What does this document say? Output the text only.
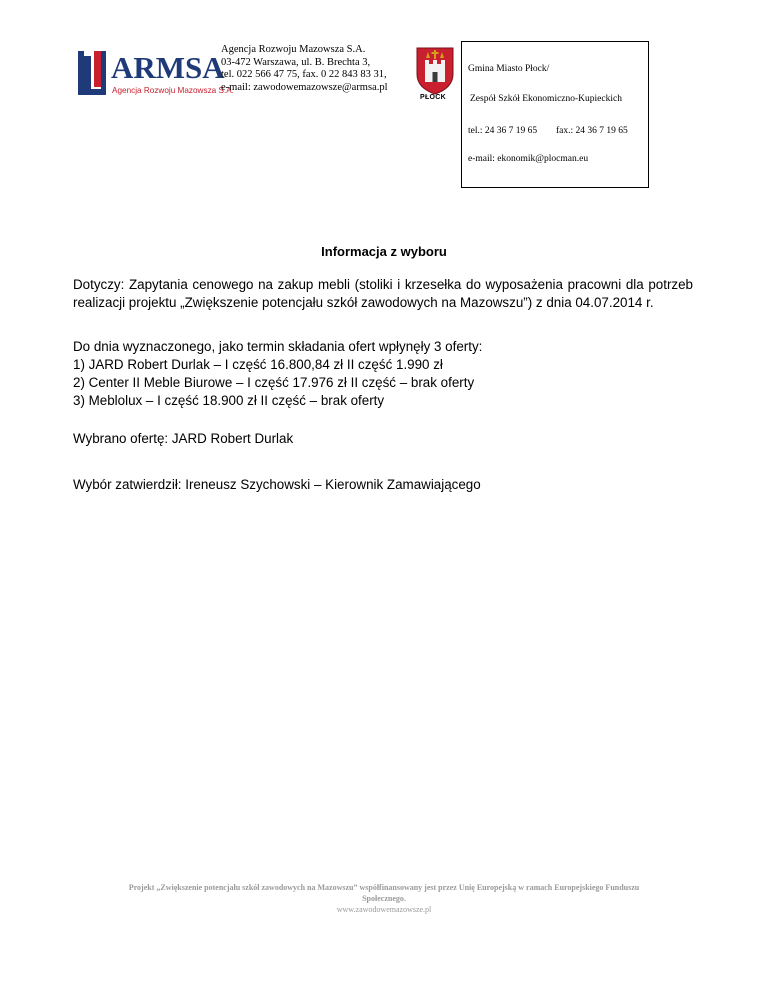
ARMSA
Agencja Rozwoju Mazowsza S.A.
Agencja Rozwoju Mazowsza S.A.
03-472 Warszawa, ul. B. Brechta 3,
tel. 022 566 47 75, fax. 0 22 843 83 31,
e-mail: zawodowemazowsze@armsa.pl
PŁOCK
Gmina Miasto Płock/
Zespół Szkół Ekonomiczno-Kupieckich
tel.: 24 36 7 19 65 fax.: 24 36 7 19 65
e-mail: ekonomik@plocman.eu
Informacja z wyboru
Dotyczy: Zapytania cenowego na zakup mebli (stoliki i krzesełka do wyposażenia pracowni dla potrzeb realizacji projektu „Zwiększenie potencjału szkół zawodowych na Mazowszu”) z dnia 04.07.2014 r.
Do dnia wyznaczonego, jako termin składania ofert wpłynęły 3 oferty:
1) JARD Robert Durlak – I część 16.800,84 zł II część 1.990 zł
2) Center II Meble Biurowe – I część 17.976 zł II część – brak oferty
3) Meblolux – I część 18.900 zł II część – brak oferty
Wybrano ofertę: JARD Robert Durlak
Wybór zatwierdził: Ireneusz Szychowski – Kierownik Zamawiającego
Projekt „Zwiększenie potencjału szkół zawodowych na Mazowszu” współfinansowany jest przez Unię Europejską w ramach Europejskiego Funduszu
Społecznego.
www.zawodowemazowsze.pl
